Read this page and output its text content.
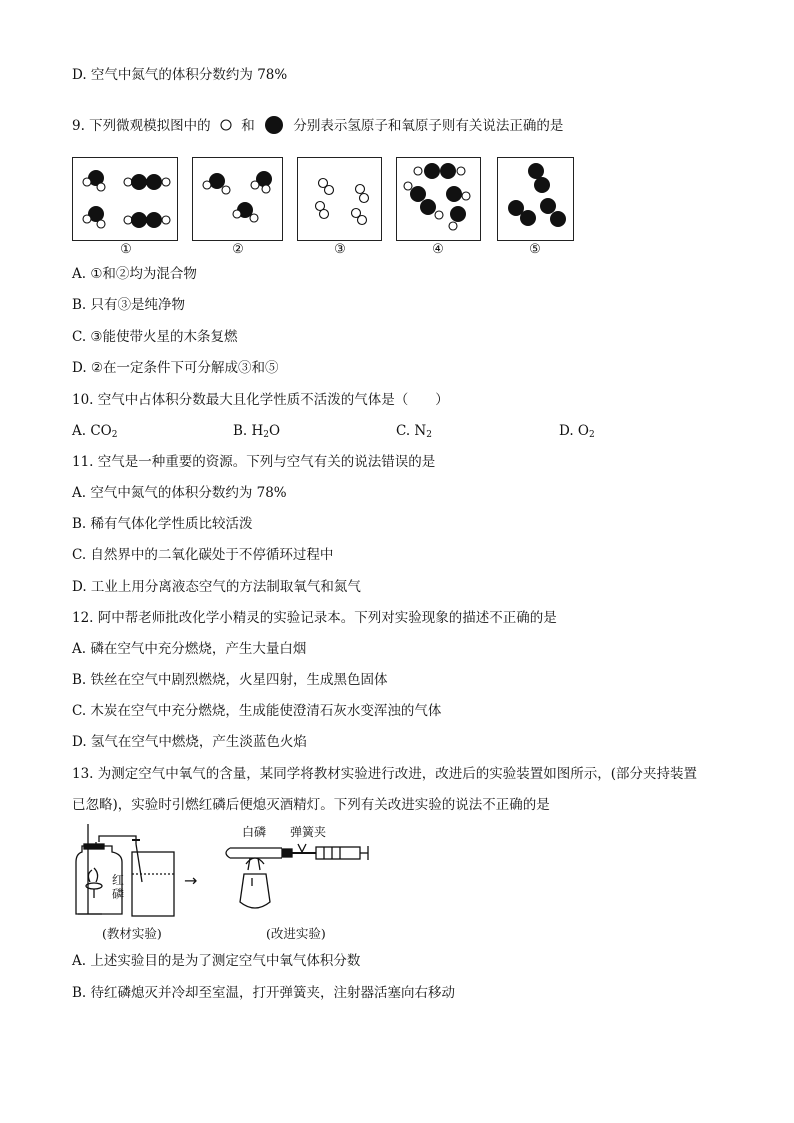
D. 空气中氮气的体积分数约为 78%
9. 下列微观模拟图中的 和	分别表示氢原子和氧原子则有关说法正确的是
①	②	③	④	⑤
A. ①和②均为混合物
B. 只有③是纯净物
C. ③能使带火星的木条复燃
D. ②在一定条件下可分解成③和⑤
10. 空气中占体积分数最大且化学性质不活泼的气体是（　　）
A. $CO_2$	B. $H_2O$	C. $N_2$	D. $O_2$
11. 空气是一种重要的资源。下列与空气有关的说法错误的是
A. 空气中氮气的体积分数约为 78%
B. 稀有气体化学性质比较活泼
C. 自然界中的二氧化碳处于不停循环过程中
D. 工业上用分离液态空气的方法制取氧气和氮气
12. 阿中帮老师批改化学小精灵的实验记录本。下列对实验现象的描述不正确的是
A. 磷在空气中充分燃烧，产生大量白烟
B. 铁丝在空气中剧烈燃烧，火星四射，生成黑色固体
C. 木炭在空气中充分燃烧，生成能使澄清石灰水变浑浊的气体
D. 氢气在空气中燃烧，产生淡蓝色火焰
13. 为测定空气中氧气的含量，某同学将教材实验进行改进，改进后的实验装置如图所示，(部分夹持装置
已忽略)，实验时引燃红磷后便熄灭酒精灯。下列有关改进实验的说法不正确的是
红
磷
→
白磷 弹簧夹
(教材实验)	(改进实验)
A. 上述实验目的是为了测定空气中氧气体积分数
B. 待红磷熄灭并冷却至室温，打开弹簧夹，注射器活塞向右移动
